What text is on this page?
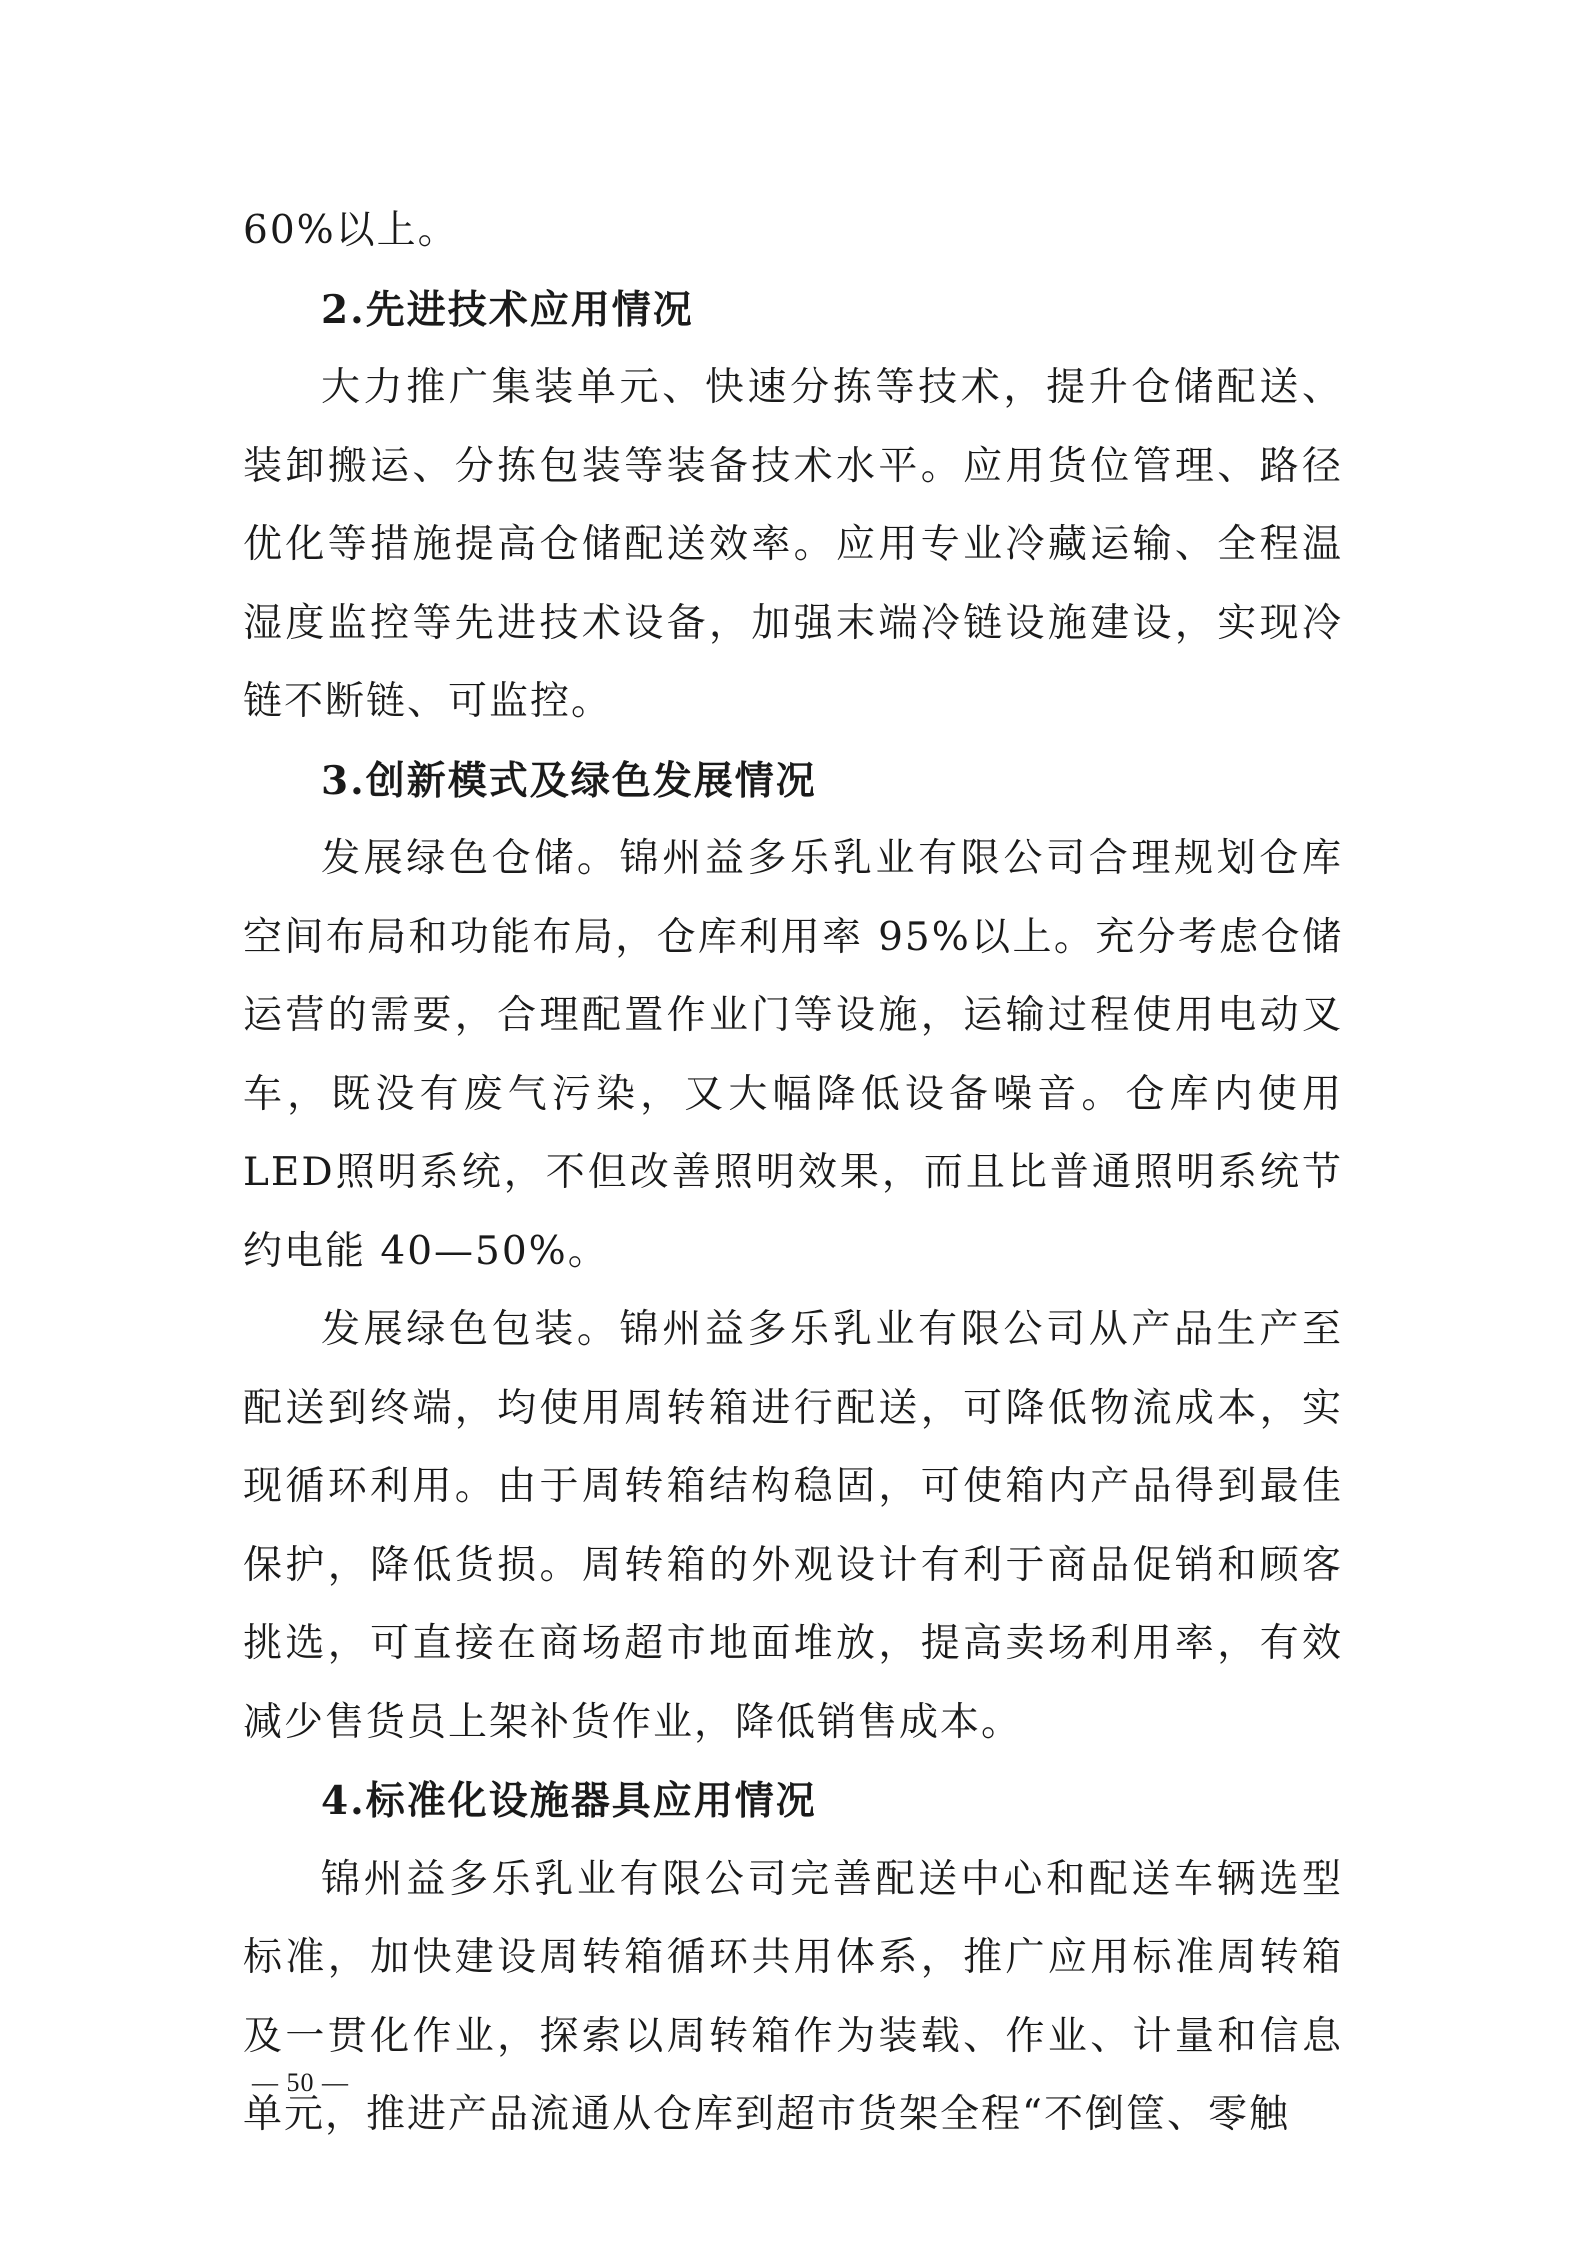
60%以上。

2.先进技术应用情况

大力推广集装单元、快速分拣等技术，提升仓储配送、装卸搬运、分拣包装等装备技术水平。应用货位管理、路径优化等措施提高仓储配送效率。应用专业冷藏运输、全程温湿度监控等先进技术设备，加强末端冷链设施建设，实现冷链不断链、可监控。

3.创新模式及绿色发展情况

发展绿色仓储。锦州益多乐乳业有限公司合理规划仓库空间布局和功能布局，仓库利用率 95%以上。充分考虑仓储运营的需要，合理配置作业门等设施，运输过程使用电动叉车，既没有废气污染，又大幅降低设备噪音。仓库内使用 LED照明系统，不但改善照明效果，而且比普通照明系统节约电能 40—50%。

发展绿色包装。锦州益多乐乳业有限公司从产品生产至配送到终端，均使用周转箱进行配送，可降低物流成本，实现循环利用。由于周转箱结构稳固，可使箱内产品得到最佳保护，降低货损。周转箱的外观设计有利于商品促销和顾客挑选，可直接在商场超市地面堆放，提高卖场利用率，有效减少售货员上架补货作业，降低销售成本。

4.标准化设施器具应用情况

锦州益多乐乳业有限公司完善配送中心和配送车辆选型标准，加快建设周转箱循环共用体系，推广应用标准周转箱及一贯化作业，探索以周转箱作为装载、作业、计量和信息单元，推进产品流通从仓库到超市货架全程“不倒筐、零触

— 50 —
